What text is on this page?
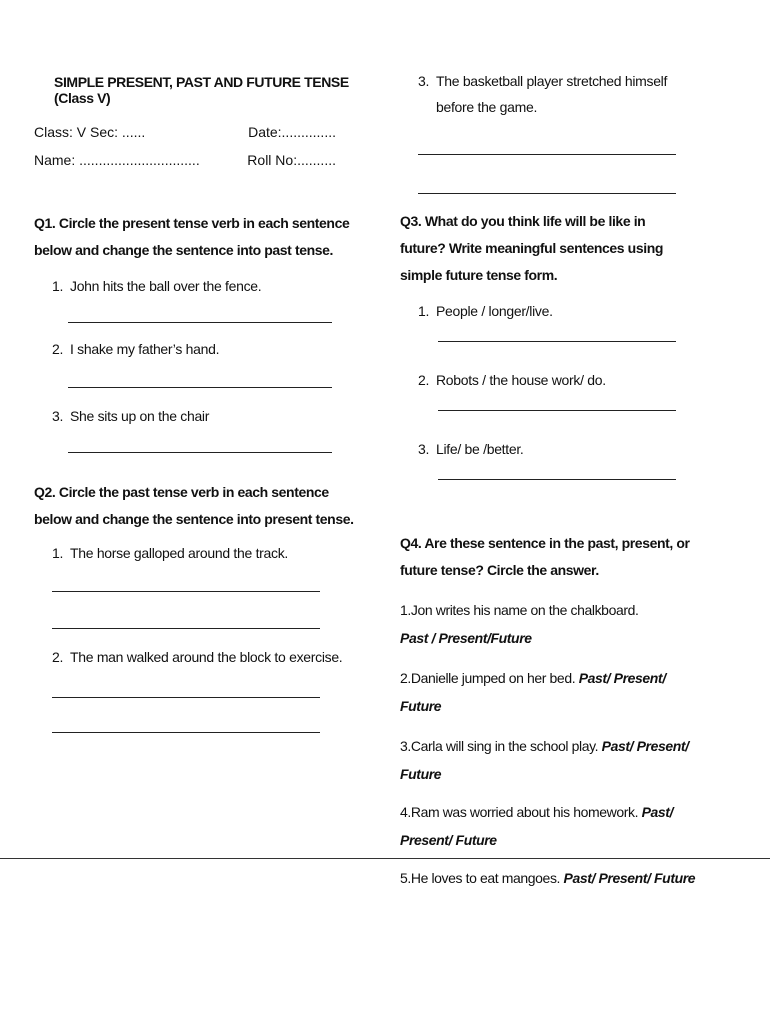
SIMPLE PRESENT, PAST AND FUTURE TENSE (Class V)
Class: V Sec: ......	Date:..............
Name: ...............................	Roll No:..........
Q1. Circle the present tense verb in each sentence below and change the sentence into past tense.
1. John hits the ball over the fence.
2. I shake my father’s hand.
3. She sits up on the chair
Q2. Circle the past tense verb in each sentence below and change the sentence into present tense.
1. The horse galloped around the track.
2. The man walked around the block to exercise.
3. The basketball player stretched himself before the game.
Q3. What do you think life will be like in future? Write meaningful sentences using simple future tense form.
1. People / longer/live.
2. Robots / the house work/ do.
3. Life/ be /better.
Q4. Are these sentence in the past, present, or future tense? Circle the answer.
1.Jon writes his name on the chalkboard. Past / Present/Future
2.Danielle jumped on her bed. Past/ Present/ Future
3.Carla will sing in the school play. Past/ Present/ Future
4.Ram was worried about his homework. Past/ Present/ Future
5.He loves to eat mangoes. Past/ Present/ Future
